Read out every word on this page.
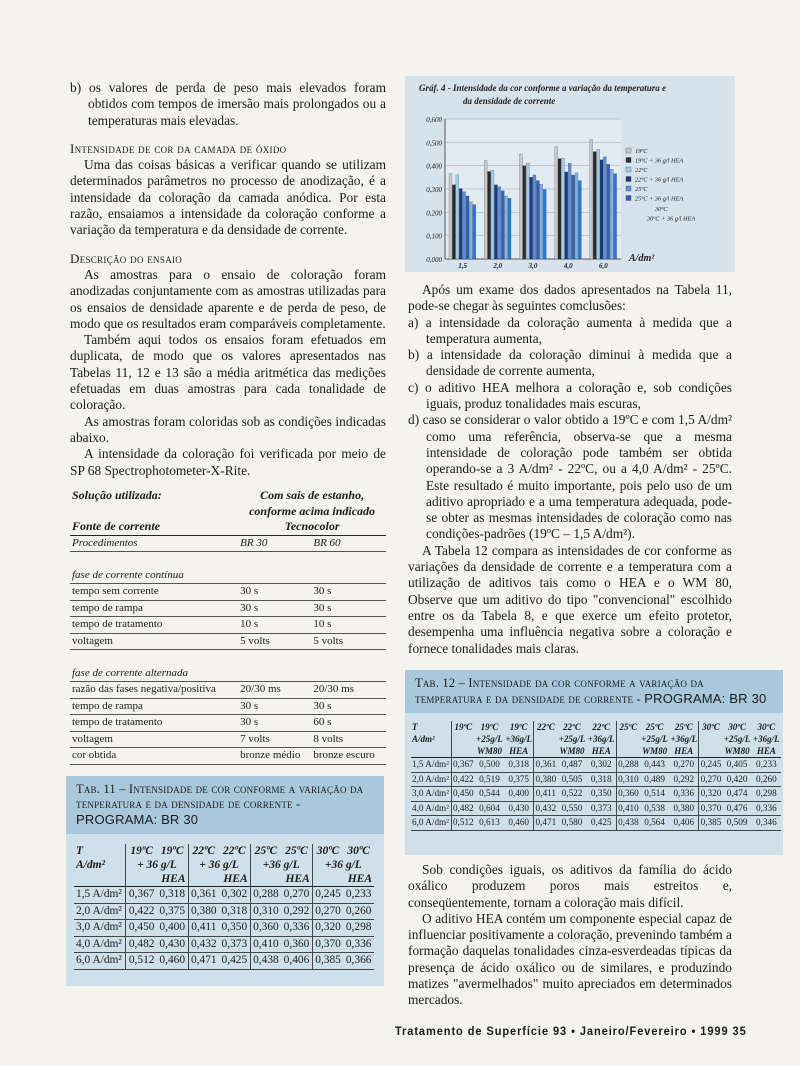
b) os valores de perda de peso mais elevados foram obtidos com tempos de imersão mais prolongados ou a temperaturas mais elevadas.

Intensidade de cor da camada de óxido

Uma das coisas básicas a verificar quando se utilizam determinados parâmetros no processo de anodização, é a intensidade da coloração da camada anódica. Por esta razão, ensaiamos a intensidade da coloração conforme a variação da temperatura e da densidade de corrente.

Descrição do ensaio

As amostras para o ensaio de coloração foram anodizadas conjuntamente com as amostras utilizadas para os ensaios de densidade aparente e de perda de peso, de modo que os resultados eram comparáveis completamente.

Também aqui todos os ensaios foram efetuados em duplicata, de modo que os valores apresentados nas Tabelas 11, 12 e 13 são a média aritmética das medições efetuadas em duas amostras para cada tonalidade de coloração.

As amostras foram coloridas sob as condições indicadas abaixo.

A intensidade da coloração foi verificada por meio de SP 68 Spectrophotometer-X-Rite.

Solução utilizada:	Com sais de estanho,	
	conforme acima indicado	
Fonte de corrente	Tecnocolor	
Procedimentos	BR 30	BR 60

fase de corrente contínua		
tempo sem corrente	30 s	30 s
tempo de rampa	30 s	30 s
tempo de tratamento	10 s	10 s
voltagem	5 volts	5 volts

fase de corrente alternada		
razão das fases negativa/positiva	20/30 ms	20/30 ms
tempo de rampa	30 s	30 s
tempo de tratamento	30 s	60 s
voltagem	7 volts	8 volts
cor obtida	bronze médio	bronze escuro
Tab. 11 – Intensidade de cor conforme a variação da tenperatura e da densidade de corrente - PROGRAMA: BR 30
T	19ºC	19ºC	22ºC	22ºC	25ºC	25ºC	30ºC	30ºC
A/dm²	+ 36 g/L		+ 36 g/L		+36 g/L		+36 g/L	
	HEA		HEA		HEA		HEA	
1,5 A/dm²	0,367	0,318	0,361	0,302	0,288	0,270	0,245	0,233
2,0 A/dm²	0,422	0,375	0,380	0,318	0,310	0,292	0,270	0,260
3,0 A/dm²	0,450	0,400	0,411	0,350	0,360	0,336	0,320	0,298
4,0 A/dm²	0,482	0,430	0,432	0,373	0,410	0,360	0,370	0,336
6,0 A/dm²	0,512	0,460	0,471	0,425	0,438	0,406	0,385	0,366
Gráf. 4 - Intensidade da cor conforme a variação da temperatura e
da densidade de corrente
0,000
0,100
0,200
0,300
0,400
0,500
0,600
1,5	2,0	3,0	4,0	6,0
A/dm²
19ºC
19ºC + 36 g/l HEA
22ºC
22ºC + 36 g/l HEA
25ºC
25ºC + 36 g/l HEA
30ºC
30ºC + 36 g/l HEA

Após um exame dos dados apresentados na Tabela 11, pode-se chegar às seguintes comclusões:

a) a intensidade da coloração aumenta à medida que a temperatura aumenta,

b) a intensidade da coloração diminui à medida que a densidade de corrente aumenta,

c) o aditivo HEA melhora a coloração e, sob condições iguais, produz tonalidades mais escuras,

d) caso se considerar o valor obtido a 19ºC e com 1,5 A/dm² como uma referência, observa-se que a mesma intensidade de coloração pode também ser obtida operando-se a 3 A/dm² - 22ºC, ou a 4,0 A/dm² - 25ºC. Este resultado é muito importante, pois pelo uso de um aditivo apropriado e a uma temperatura adequada, pode-se obter as mesmas intensidades de coloração como nas condições-padrões (19ºC – 1,5 A/dm²).

A Tabela 12 compara as intensidades de cor conforme as variações da densidade de corrente e a temperatura com a utilização de aditivos tais como o HEA e o WM 80, Observe que um aditivo do tipo "convencional" escolhido entre os da Tabela 8, e que exerce um efeito protetor, desempenha uma influência negativa sobre a coloração e fornece tonalidades mais claras.

Tab. 12 – Intensidade da cor conforme a variação da temperatura e da densidade de corrente - PROGRAMA: BR 30
T	19ºC	19ºC	19ºC	22ºC	22ºC	22ºC	25ºC	25ºC	25ºC	30ºC	30ºC	30ºC
A/dm²		+25g/L	+36g/L		+25g/L	+36g/L		+25g/L	+36g/L		+25g/L	+36g/L
		WM80	HEA		WM80	HEA		WM80	HEA		WM80	HEA
1,5 A/dm²	0,367	0,500	0,318	0,361	0,487	0,302	0,288	0,443	0,270	0,245	0,405	0,233
2,0 A/dm²	0,422	0,519	0,375	0,380	0,505	0,318	0,310	0,489	0,292	0,270	0,420	0,260
3,0 A/dm²	0,450	0,544	0,400	0,411	0,522	0,350	0,360	0,514	0,336	0,320	0,474	0,298
4,0 A/dm²	0,482	0,604	0,430	0,432	0,550	0,373	0,410	0,538	0,380	0,370	0,476	0,336
6,0 A/dm²	0,512	0,613	0,460	0,471	0,580	0,425	0,438	0,564	0,406	0,385	0,509	0,346

Sob condições iguais, os aditivos da família do ácido oxálico produzem poros mais estreitos e, conseqüentemente, tornam a coloração mais difícil.

O aditivo HEA contém um componente especial capaz de influenciar positivamente a coloração, prevenindo também a formação daquelas tonalidades cinza-esverdeadas típicas da presença de ácido oxálico ou de similares, e produzindo matizes "avermelhados" muito apreciados em determinados mercados.

Tratamento de Superfície 93 • Janeiro/Fevereiro • 1999 35
